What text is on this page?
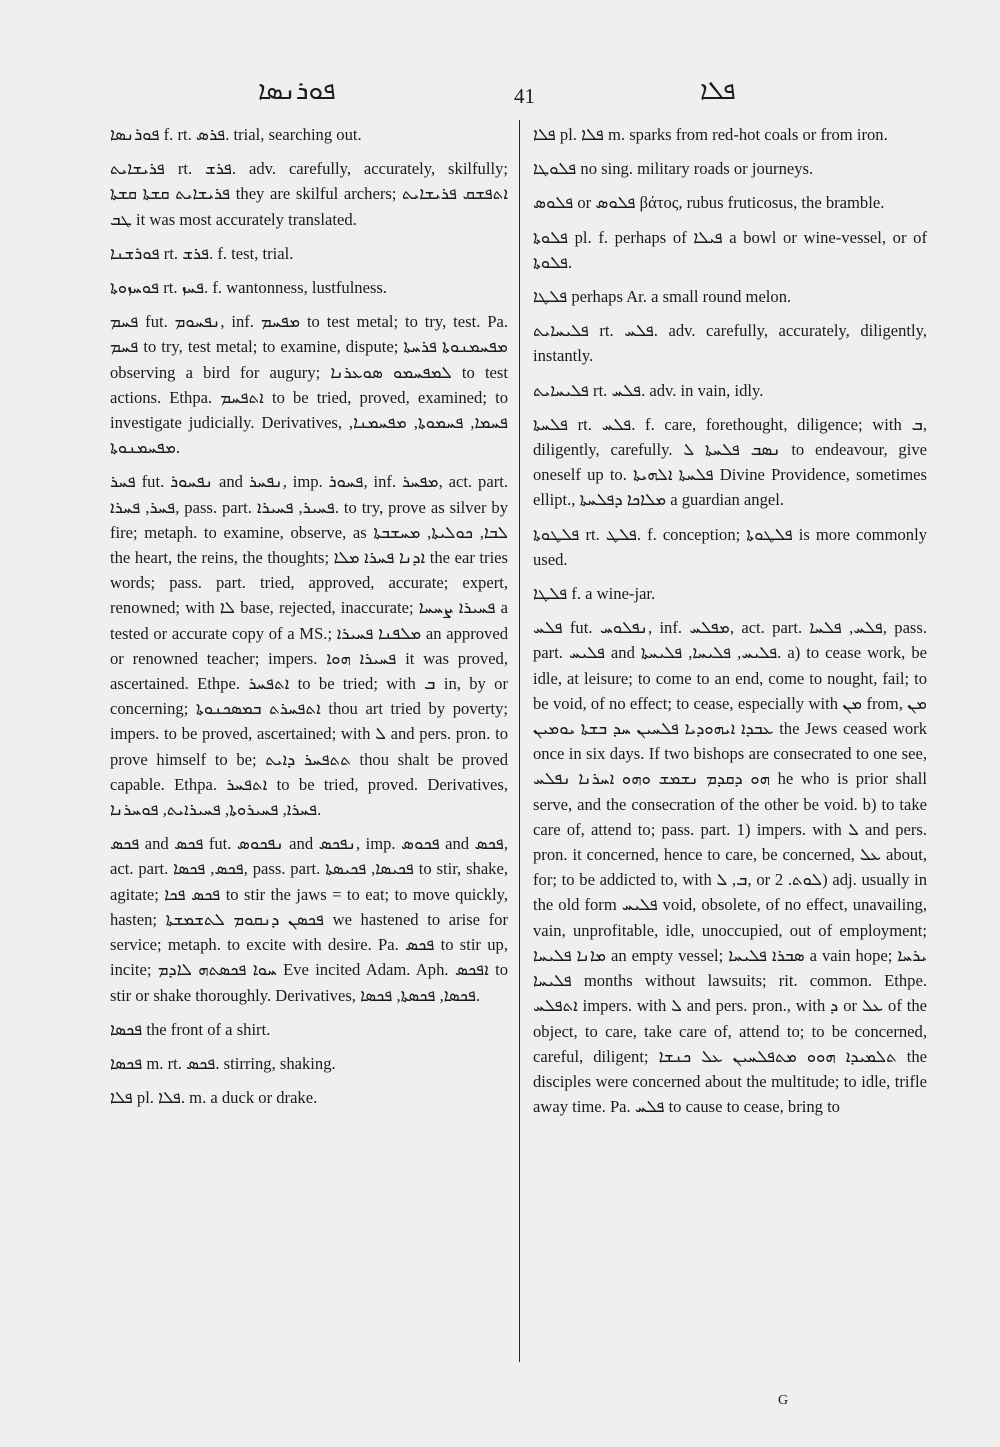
ܦܘܪܢܣܐ	41	ܦܠܐ

ܦܘܪܢܣܐ f. rt. ܦܪܣ. trial, searching out.

ܦܪܝܫܐܝܬ rt. ܦܪܫ. adv. carefully, accurately, skilfully; ܦܪܝܫܐܝܬ ܩܫܬܐ ܩܫܬܐ they are skilful archers; ܐܬܦܫܩ ܦܪܝܫܐܝܬ ܛܒ it was most accurately translated.

ܦܘܪܫܢܐ rt. ܦܪܫ. f. test, trial.

ܦܘܚܙܘܬܐ rt. ܦܚܙ. f. wantonness, lustfulness.

ܦܚܡ fut. ܢܦܚܘܡ, inf. ܡܦܚܡ to test metal; to try, test. Pa. ܦܚܡ to try, test metal; to examine, dispute; ܡܦܚܡܢܘܬܐ ܦܪܚܬܐ observing a bird for augury; ܠܡܦܚܡܘ ܣܘܥܪܢܐ to test actions. Ethpa. ܐܬܦܚܡ to be tried, proved, examined; to investigate judicially. Derivatives, ܦܚܡܐ, ܦܚܡܘܬܐ, ܡܦܚܡܢܐ, ܡܦܚܡܢܘܬܐ.

ܦܚܪ fut. ܢܦܚܘܪ and ܢܦܚܪ, imp. ܦܚܘܪ, inf. ܡܦܚܪ, act. part. ܦܚܪ, ܦܚܪܐ, pass. part. ܦܚܝܪ, ܦܚܝܪܐ. to try, prove as silver by fire; metaph. to examine, observe, as ܠܒܐ, ܟܘܠܝܬܐ, ܡܚܫܒܬܐ the heart, the reins, the thoughts; ܐܕܢܐ ܦܚܪܐ ܡܠܐ the ear tries words; pass. part. tried, approved, accurate; expert, renowned; with ܠܐ base, rejected, inaccurate; ܦܚܝܪܐ ܨܚܚܐ a tested or accurate copy of a MS.; ܡܠܦܢܐ ܦܚܝܪܐ an approved or renowned teacher; impers. ܦܚܝܪܐ ܗܘܐ it was proved, ascertained. Ethpe. ܐܬܦܚܪ to be tried; with ܒ in, by or concerning; ܐܬܦܚܪܬ ܒܡܣܟܢܘܬܐ thou art tried by poverty; impers. to be proved, ascertained; with ܠ and pers. pron. to prove himself to be; ܬܬܦܚܪ ܕܐܝܬ thou shalt be proved capable. Ethpa. ܐܬܦܚܪ to be tried, proved. Derivatives, ܦܚܪܐ, ܦܚܝܪܘܬܐ, ܦܚܝܪܐܝܬ, ܦܘܚܪܢܐ.

ܦܟܣ and ܦܟܣ fut. ܢܦܟܘܣ and ܢܦܟܣ, imp. ܦܟܘܣ and ܦܟܣ, act. part. ܦܟܣ, ܦܟܣܐ, pass. part. ܦܟܝܣܐ, ܦܟܝܣܬܐ to stir, shake, agitate; ܦܟܣ ܦܟܐ to stir the jaws = to eat; to move quickly, hasten; ܦܟܣܢ ܕܢܩܘܡ ܠܬܫܡܫܬܐ we hastened to arise for service; metaph. to excite with desire. Pa. ܦܟܣ to stir up, incite; ܚܘܐ ܦܟܣܬܗ ܠܐܕܡ Eve incited Adam. Aph. ܐܦܟܣ to stir or shake thoroughly. Derivatives, ܦܟܣܐ, ܦܟܣܬܐ, ܦܟܣܐ.

ܦܟܣܐ the front of a shirt.

ܦܟܣܐ m. rt. ܦܟܣ. stirring, shaking.

ܦܠܐ pl. ܦܠܐ. m. a duck or drake.

ܦܠܐ pl. ܦܠܐ m. sparks from red-hot coals or from iron.

ܦܠܘܛܐ no sing. military roads or journeys.

ܦܠܘܣ or ܦܠܘܣ βάτος, rubus fruticosus, the bramble.

ܦܠܘܬܐ pl. f. perhaps of ܦܝܠܐ a bowl or wine-vessel, or of ܦܠܘܬܐ.

ܦܠܛܐ perhaps Ar. a small round melon.

ܦܠܝܚܐܝܬ rt. ܦܠܚ. adv. carefully, accurately, diligently, instantly.

ܦܠܝܚܐܝܬ rt. ܦܠܚ. adv. in vain, idly.

ܦܠܚܬܐ rt. ܦܠܚ. f. care, forethought, diligence; with ܒ, diligently, carefully. ܢܣܒ ܦܠܚܬܐ ܠ to endeavour, give oneself up to. ܦܠܚܬܐ ܐܠܗܝܬܐ Divine Providence, sometimes ellipt., ܡܠܐܟܐ ܕܦܠܚܬܐ a guardian angel.

ܦܠܛܘܬܐ rt. ܦܠܛ. f. conception; ܦܠܛܘܬܐ is more commonly used.

ܦܠܛܐ f. a wine-jar.

ܦܠܚ fut. ܢܦܠܘܚ, inf. ܡܦܠܚ, act. part. ܦܠܚ, ܦܠܚܐ, pass. part. ܦܠܝܚ and ܦܠܝܚ, ܦܠܝܚܐ, ܦܠܝܚܬܐ. a) to cease work, be idle, at leisure; to come to an end, come to nought, fail; to be void, of no effect; to cease, especially with ܡܢ from, ܡܢ ܥܒܕܐ ܐܝܗܘܕܝܐ ܦܠܚܝܢ ܚܕ ܒܫܬܐ ܝܘܡܝܢ the Jews ceased work once in six days. If two bishops are consecrated to one see, ܗܘ ܕܩܕܡ ܢܫܡܫ ܘܗܘ ܐܚܪܢܐ ܢܦܠܚ he who is prior shall serve, and the consecration of the other be void. b) to take care of, attend to; pass. part. 1) impers. with ܠ and pers. pron. it concerned, hence to care, be concerned, ܥܠ about, for; to be addicted to, with ܒ, ܠ, or ܠܘܬ. 2) adj. usually in the old form ܦܠܝܚ void, obsolete, of no effect, unavailing, vain, unprofitable, idle, unoccupied, out of employment; ܡܐܢܐ ܦܠܝܚܐ an empty vessel; ܣܒܪܐ ܦܠܝܚܐ a vain hope; ܝܪܚܐ ܦܠܝܚܐ months without lawsuits; rit. common. Ethpe. ܐܬܦܠܚ impers. with ܠ and pers. pron., with ܕ or ܥܠ of the object, to care, take care of, attend to; to be concerned, careful, diligent; ܬܠܡܝܕܐ ܗܘܘ ܡܬܦܠܚܝܢ ܥܠ ܟܢܫܐ the disciples were concerned about the multitude; to idle, trifle away time. Pa. ܦܠܚ to cause to cease, bring to

G
